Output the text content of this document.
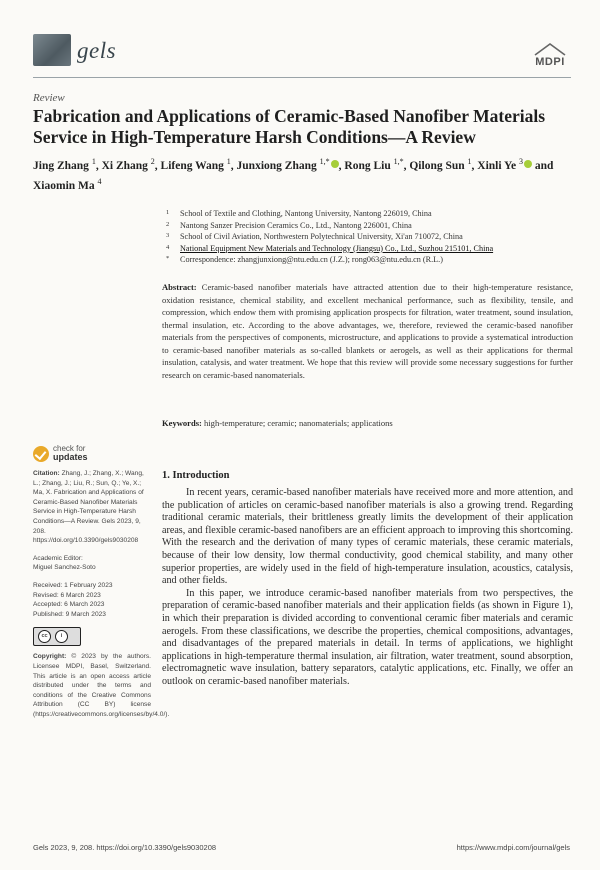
gels	MDPI
Review
Fabrication and Applications of Ceramic-Based Nanofiber Materials Service in High-Temperature Harsh Conditions—A Review
Jing Zhang $^1$, Xi Zhang $^2$, Lifeng Wang $^1$, Junxiong Zhang $^{1,*}$ , Rong Liu $^{1,*}$, Qilong Sun $^1$, Xinli Ye $^3$ and Xiaomin Ma $^4$
1 School of Textile and Clothing, Nantong University, Nantong 226019, China
2 Nantong Sanzer Precision Ceramics Co., Ltd., Nantong 226001, China
3 School of Civil Aviation, Northwestern Polytechnical University, Xi'an 710072, China
4 National Equipment New Materials and Technology (Jiangsu) Co., Ltd., Suzhou 215101, China
* Correspondence: zhangjunxiong@ntu.edu.cn (J.Z.); rong063@ntu.edu.cn (R.L.)
Abstract: Ceramic-based nanofiber materials have attracted attention due to their high-temperature resistance, oxidation resistance, chemical stability, and excellent mechanical performance, such as flexibility, tensile, and compression, which endow them with promising application prospects for filtration, water treatment, sound insulation, thermal insulation, etc. According to the above advantages, we, therefore, reviewed the ceramic-based nanofiber materials from the perspectives of components, microstructure, and applications to provide a systematical introduction to ceramic-based nanofiber materials as so-called blankets or aerogels, as well as their applications for thermal insulation, catalysis, and water treatment. We hope that this review will provide some necessary suggestions for further research on ceramic-based nanomaterials.
Keywords: high-temperature; ceramic; nanomaterials; applications
check for
updates

Citation: Zhang, J.; Zhang, X.; Wang, L.; Zhang, J.; Liu, R.; Sun, Q.; Ye, X.; Ma, X. Fabrication and Applications of Ceramic-Based Nanofiber Materials Service in High-Temperature Harsh Conditions—A Review. Gels 2023, 9, 208. https://doi.org/10.3390/gels9030208

Academic Editor:
Miguel Sanchez-Soto

Received: 1 February 2023
Revised: 6 March 2023
Accepted: 6 March 2023
Published: 9 March 2023

cc	i

Copyright: © 2023 by the authors. Licensee MDPI, Basel, Switzerland. This article is an open access article distributed under the terms and conditions of the Creative Commons Attribution (CC BY) license (https://creativecommons.org/licenses/by/4.0/).

1. Introduction

In recent years, ceramic-based nanofiber materials have received more and more attention, and the publication of articles on ceramic-based nanofiber materials is also a growing trend. Regarding traditional ceramic materials, their brittleness greatly limits the development of their application areas, and flexible ceramic-based nanofibers are an efficient approach to improving this shortcoming. With the research and the derivation of many types of ceramic materials, these ceramic materials, because of their low density, low thermal conductivity, good chemical stability, and many other superior properties, are widely used in the field of high-temperature insulation, acoustics, catalysis, and other fields.

In this paper, we introduce ceramic-based nanofiber materials from two perspectives, the preparation of ceramic-based nanofiber materials and their application fields (as shown in Figure 1), in which their preparation is divided according to conventional ceramic fiber materials and ceramic aerogels. From these classifications, we describe the properties, chemical compositions, advantages, and disadvantages of the prepared materials in detail. In terms of applications, we highlight applications in high-temperature thermal insulation, air filtration, water treatment, sound absorption, electromagnetic wave insulation, battery separators, catalytic applications, etc. Finally, we offer an outlook on ceramic-based nanofiber materials.

Gels 2023, 9, 208. https://doi.org/10.3390/gels9030208	https://www.mdpi.com/journal/gels
